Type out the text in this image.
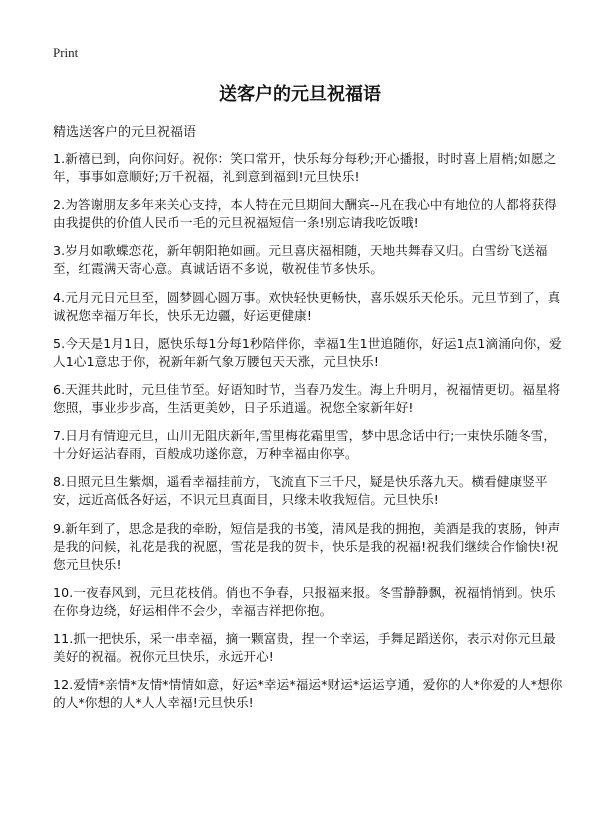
Print
送客户的元旦祝福语

精选送客户的元旦祝福语

1.新禧已到，向你问好。祝你：笑口常开，快乐每分每秒;开心播报，时时喜上眉梢;如愿之年，事事如意顺好;万千祝福，礼到意到福到!元旦快乐!
2.为答谢朋友多年来关心支持，本人特在元旦期间大酬宾--凡在我心中有地位的人都将获得由我提供的价值人民币一毛的元旦祝福短信一条!别忘请我吃饭哦!
3.岁月如歌蝶恋花，新年朝阳艳如画。元旦喜庆福相随，天地共舞春又归。白雪纷飞送福至，红霞满天寄心意。真诚话语不多说，敬祝佳节多快乐。
4.元月元日元旦至，圆梦圆心圆万事。欢快轻快更畅快，喜乐娱乐天伦乐。元旦节到了，真诚祝您幸福万年长，快乐无边疆，好运更健康!
5.今天是1月1日，愿快乐每1分每1秒陪伴你，幸福1生1世追随你，好运1点1滴涌向你，爱人1心1意忠于你，祝新年新气象万腰包天天涨，元旦快乐!
6.天涯共此时，元旦佳节至。好语知时节，当春乃发生。海上升明月，祝福情更切。福星将您照，事业步步高，生活更美妙，日子乐逍遥。祝您全家新年好!
7.日月有情迎元旦，山川无阻庆新年,雪里梅花霜里雪，梦中思念话中行;一束快乐随冬雪，十分好运沾春雨，百般成功遂你意，万种幸福由你享。
8.日照元旦生紫烟，遥看幸福挂前方，飞流直下三千尺，疑是快乐落九天。横看健康竖平安，远近高低各好运，不识元旦真面目，只缘未收我短信。元旦快乐!
9.新年到了，思念是我的牵盼，短信是我的书笺，清风是我的拥抱，美酒是我的衷肠，钟声是我的问候，礼花是我的祝愿，雪花是我的贺卡，快乐是我的祝福!祝我们继续合作愉快!祝您元旦快乐!
10.一夜春风到，元旦花枝俏。俏也不争春，只报福来报。冬雪静静飘，祝福悄悄到。快乐在你身边绕，好运相伴不会少，幸福吉祥把你抱。
11.抓一把快乐，采一串幸福，摘一颗富贵，捏一个幸运，手舞足蹈送你，表示对你元旦最美好的祝福。祝你元旦快乐，永远开心!
12.爱情*亲情*友情*情情如意，好运*幸运*福运*财运*运运亨通，爱你的人*你爱的人*想你的人*你想的人*人人幸福!元旦快乐!
